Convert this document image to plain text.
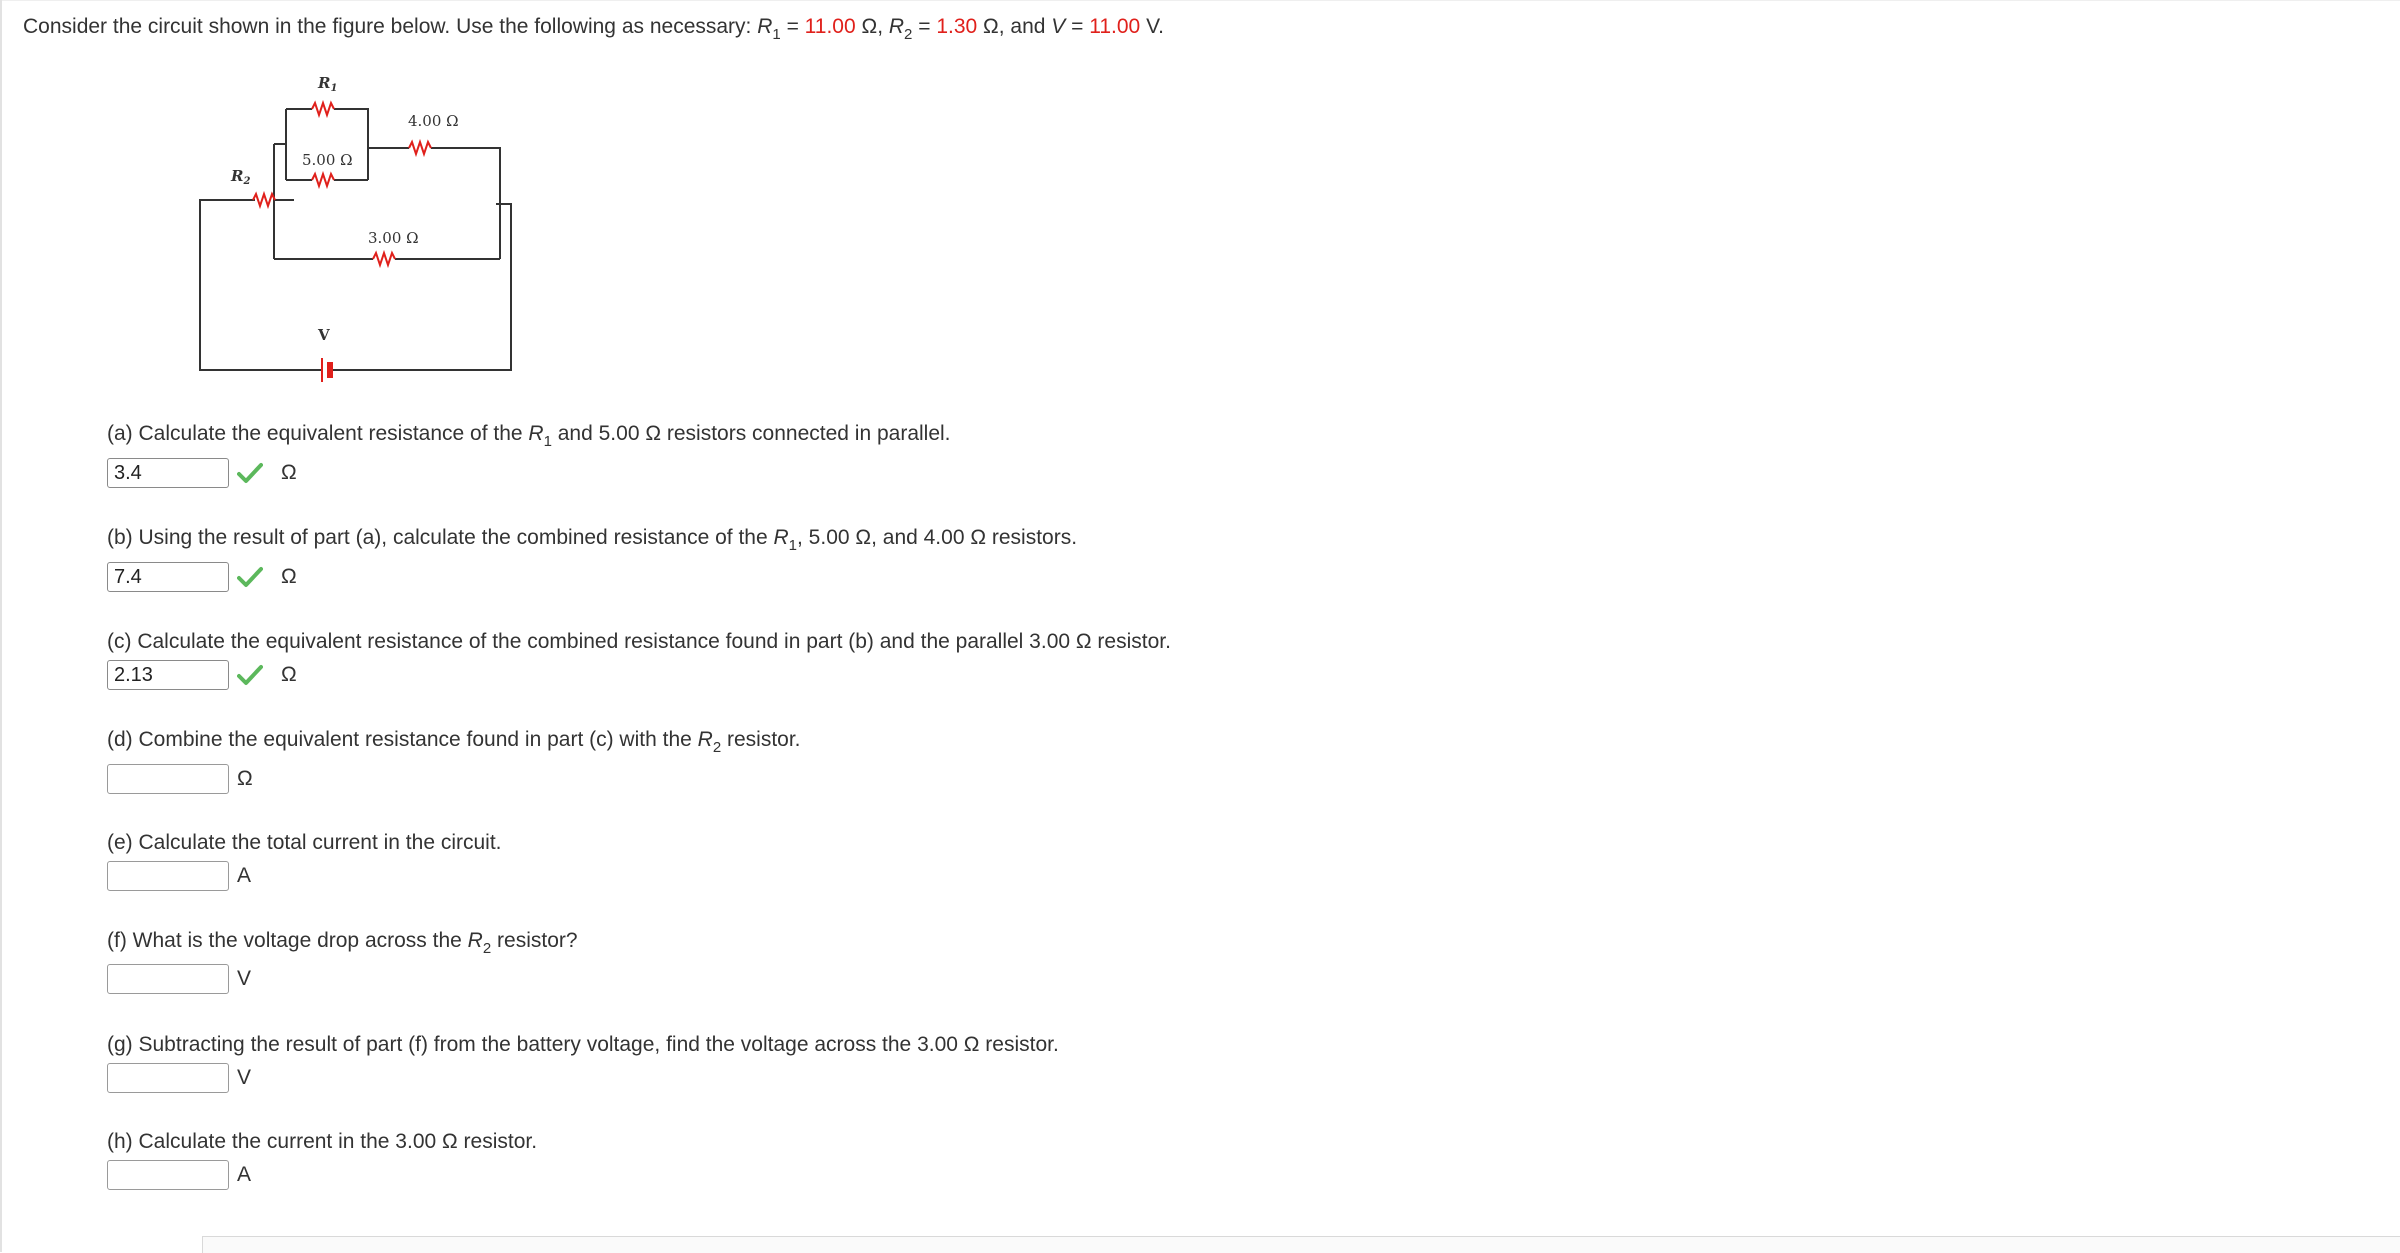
Consider the circuit shown in the figure below. Use the following as necessary: $R_1 = 11.00$ Ω, $R_2 = 1.30$ Ω, and V = 11.00 V.
$R_1$
$R_2$
5.00 Ω
4.00 Ω
3.00 Ω
V
(a) Calculate the equivalent resistance of the $R_1$ and 5.00 Ω resistors connected in parallel.
3.4
Ω
(b) Using the result of part (a), calculate the combined resistance of the $R_1$, 5.00 Ω, and 4.00 Ω resistors.
7.4
Ω
(c) Calculate the equivalent resistance of the combined resistance found in part (b) and the parallel 3.00 Ω resistor.
2.13
Ω
(d) Combine the equivalent resistance found in part (c) with the $R_2$ resistor.
Ω
(e) Calculate the total current in the circuit.
A
(f) What is the voltage drop across the $R_2$ resistor?
V
(g) Subtracting the result of part (f) from the battery voltage, find the voltage across the 3.00 Ω resistor.
V
(h) Calculate the current in the 3.00 Ω resistor.
A
